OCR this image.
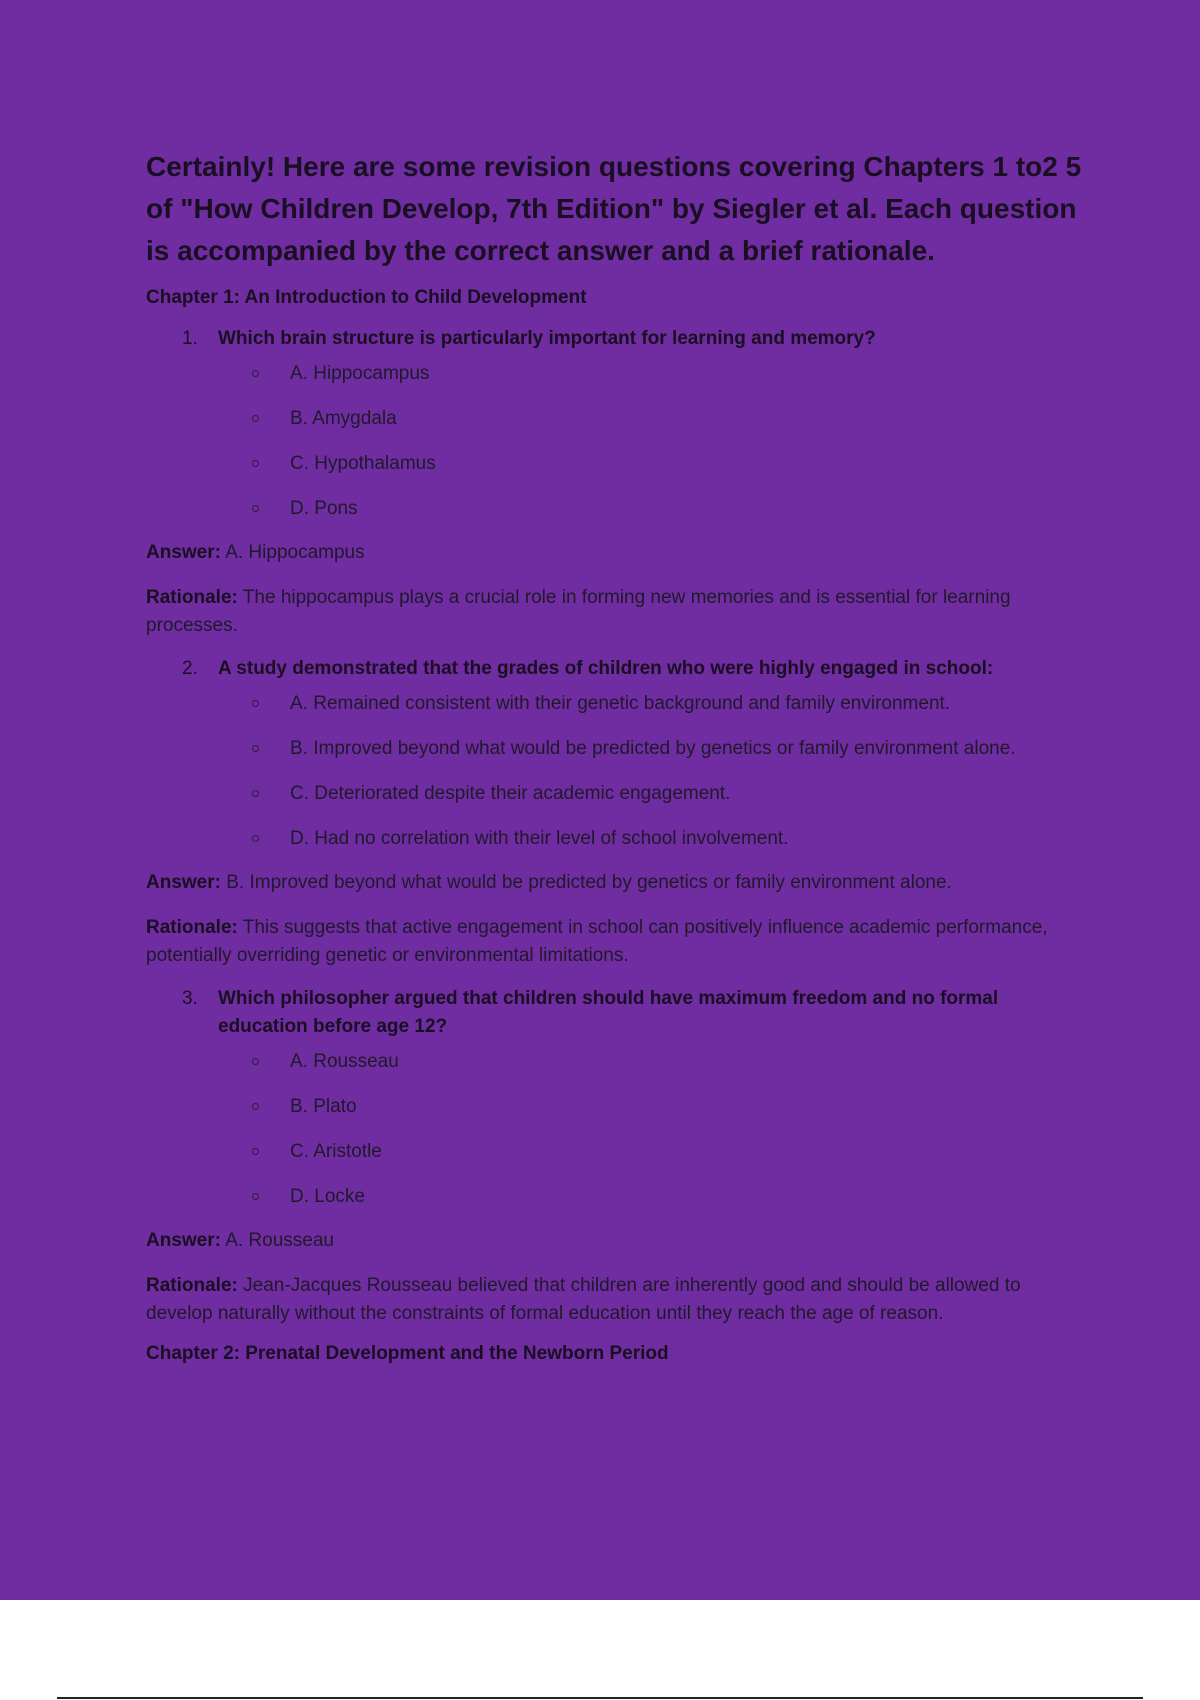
Certainly! Here are some revision questions covering Chapters 1 to2 5 of "How Children Develop, 7th Edition" by Siegler et al. Each question is accompanied by the correct answer and a brief rationale.

Chapter 1: An Introduction to Child Development

1. Which brain structure is particularly important for learning and memory?

A. Hippocampus
B. Amygdala
C. Hypothalamus
D. Pons

Answer: A. Hippocampus

Rationale: The hippocampus plays a crucial role in forming new memories and is essential for learning processes.

2. A study demonstrated that the grades of children who were highly engaged in school:

A. Remained consistent with their genetic background and family environment.
B. Improved beyond what would be predicted by genetics or family environment alone.
C. Deteriorated despite their academic engagement.
D. Had no correlation with their level of school involvement.

Answer: B. Improved beyond what would be predicted by genetics or family environment alone.

Rationale: This suggests that active engagement in school can positively influence academic performance, potentially overriding genetic or environmental limitations.

3. Which philosopher argued that children should have maximum freedom and no formal education before age 12?

A. Rousseau
B. Plato
C. Aristotle
D. Locke

Answer: A. Rousseau

Rationale: Jean-Jacques Rousseau believed that children are inherently good and should be allowed to develop naturally without the constraints of formal education until they reach the age of reason.

Chapter 2: Prenatal Development and the Newborn Period
